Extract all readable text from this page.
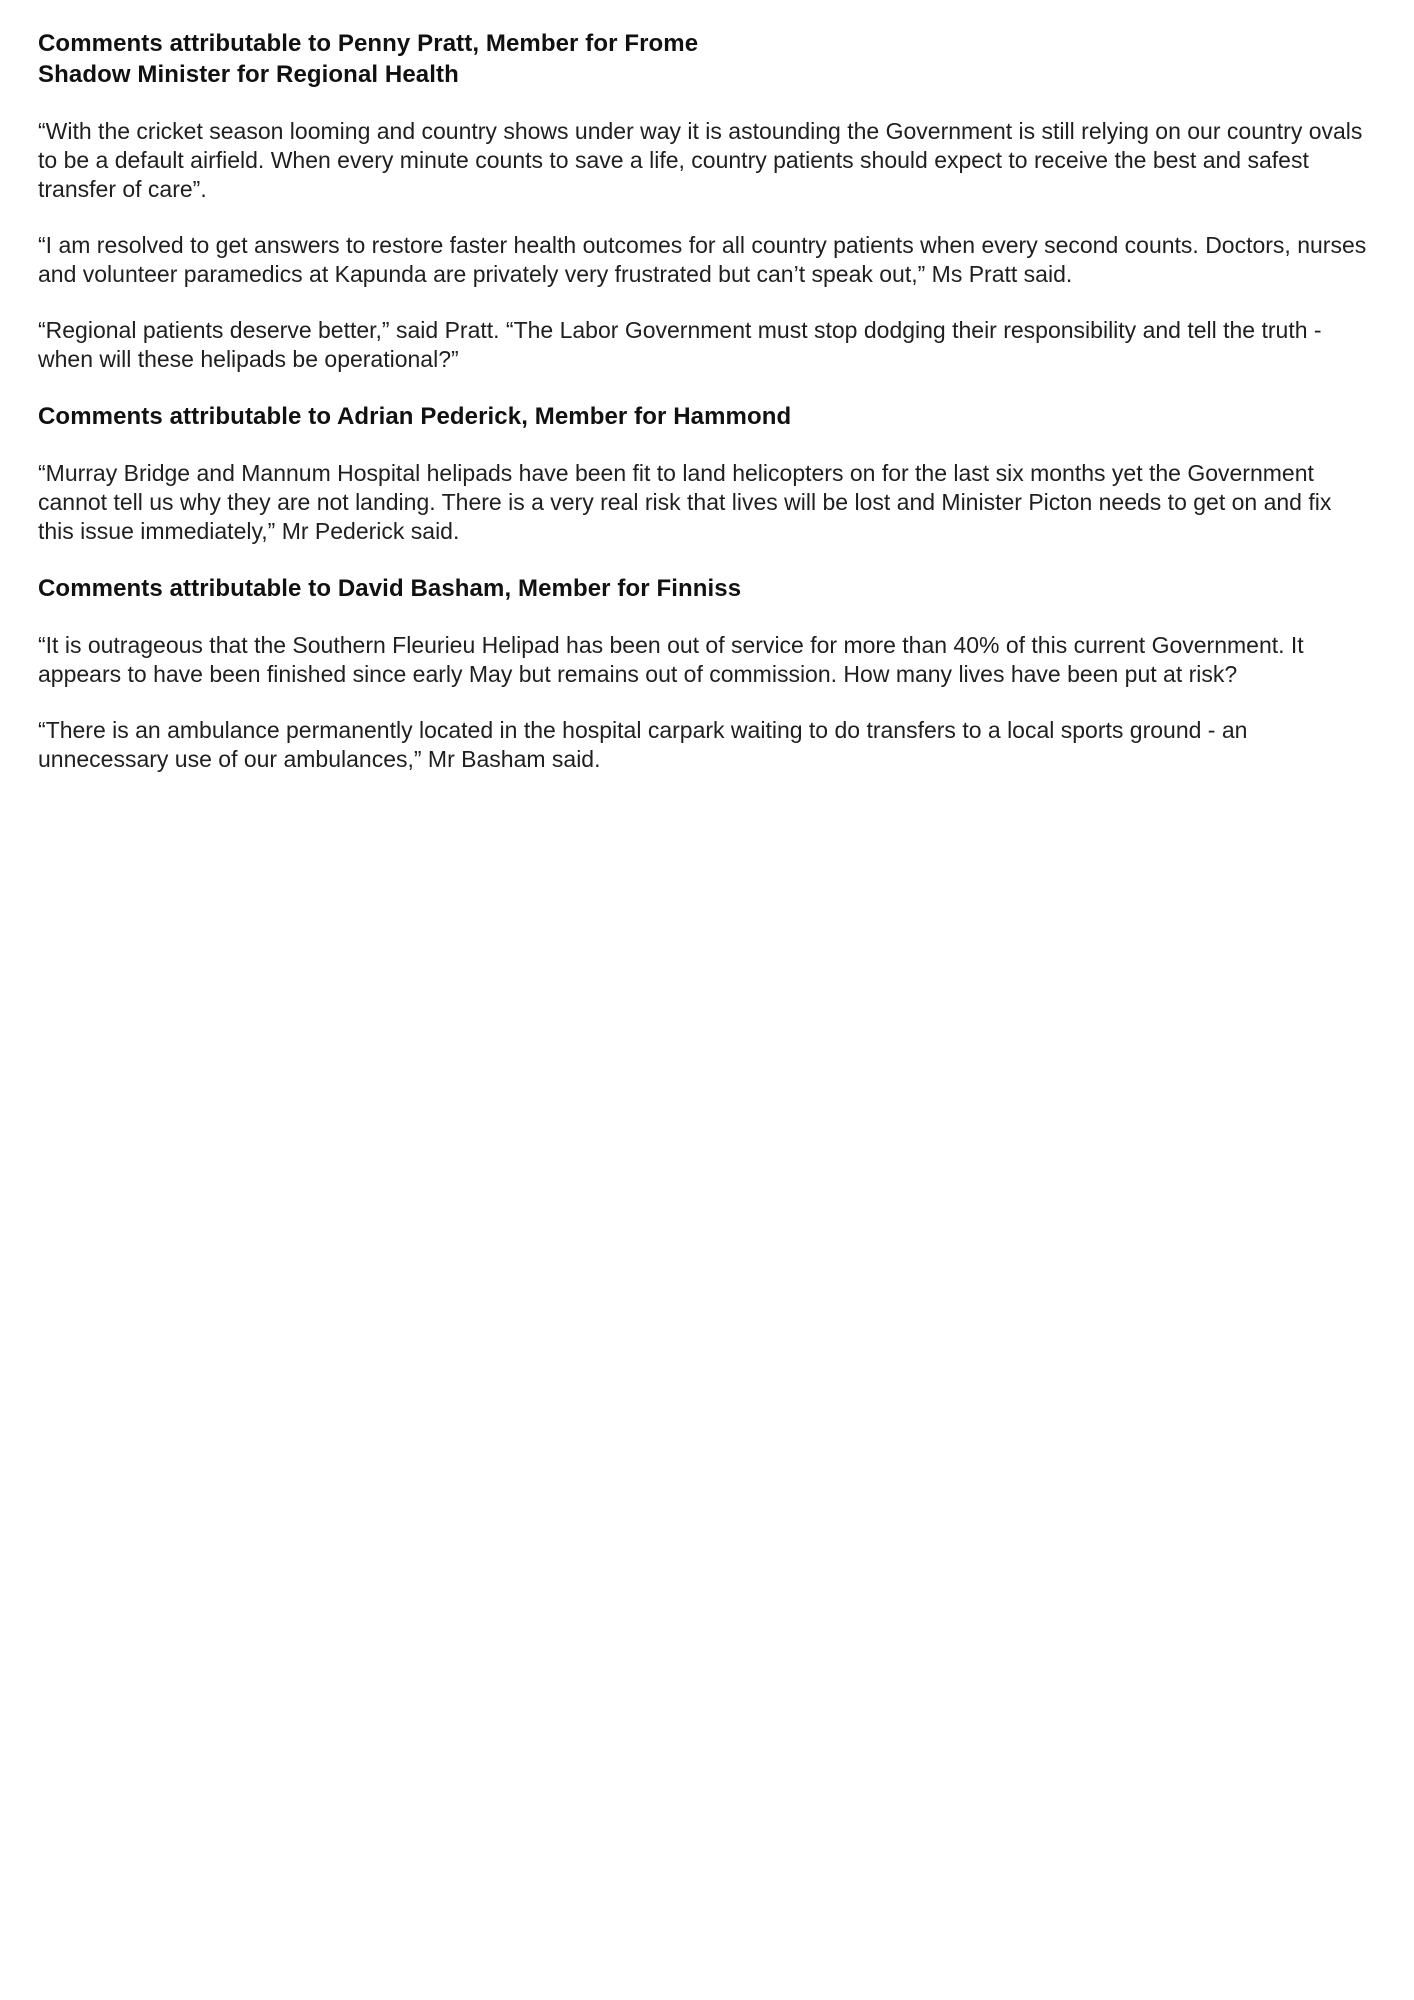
Comments attributable to Penny Pratt, Member for Frome
Shadow Minister for Regional Health

“With the cricket season looming and country shows under way it is astounding the Government is still relying on our country ovals to be a default airfield. When every minute counts to save a life, country patients should expect to receive the best and safest transfer of care”.

“I am resolved to get answers to restore faster health outcomes for all country patients when every second counts. Doctors, nurses and volunteer paramedics at Kapunda are privately very frustrated but can’t speak out,” Ms Pratt said.

“Regional patients deserve better,” said Pratt. “The Labor Government must stop dodging their responsibility and tell the truth - when will these helipads be operational?”

Comments attributable to Adrian Pederick, Member for Hammond

“Murray Bridge and Mannum Hospital helipads have been fit to land helicopters on for the last six months yet the Government cannot tell us why they are not landing. There is a very real risk that lives will be lost and Minister Picton needs to get on and fix this issue immediately,” Mr Pederick said.

Comments attributable to David Basham, Member for Finniss

“It is outrageous that the Southern Fleurieu Helipad has been out of service for more than 40% of this current Government. It appears to have been finished since early May but remains out of commission. How many lives have been put at risk?

“There is an ambulance permanently located in the hospital carpark waiting to do transfers to a local sports ground - an unnecessary use of our ambulances,” Mr Basham said.
